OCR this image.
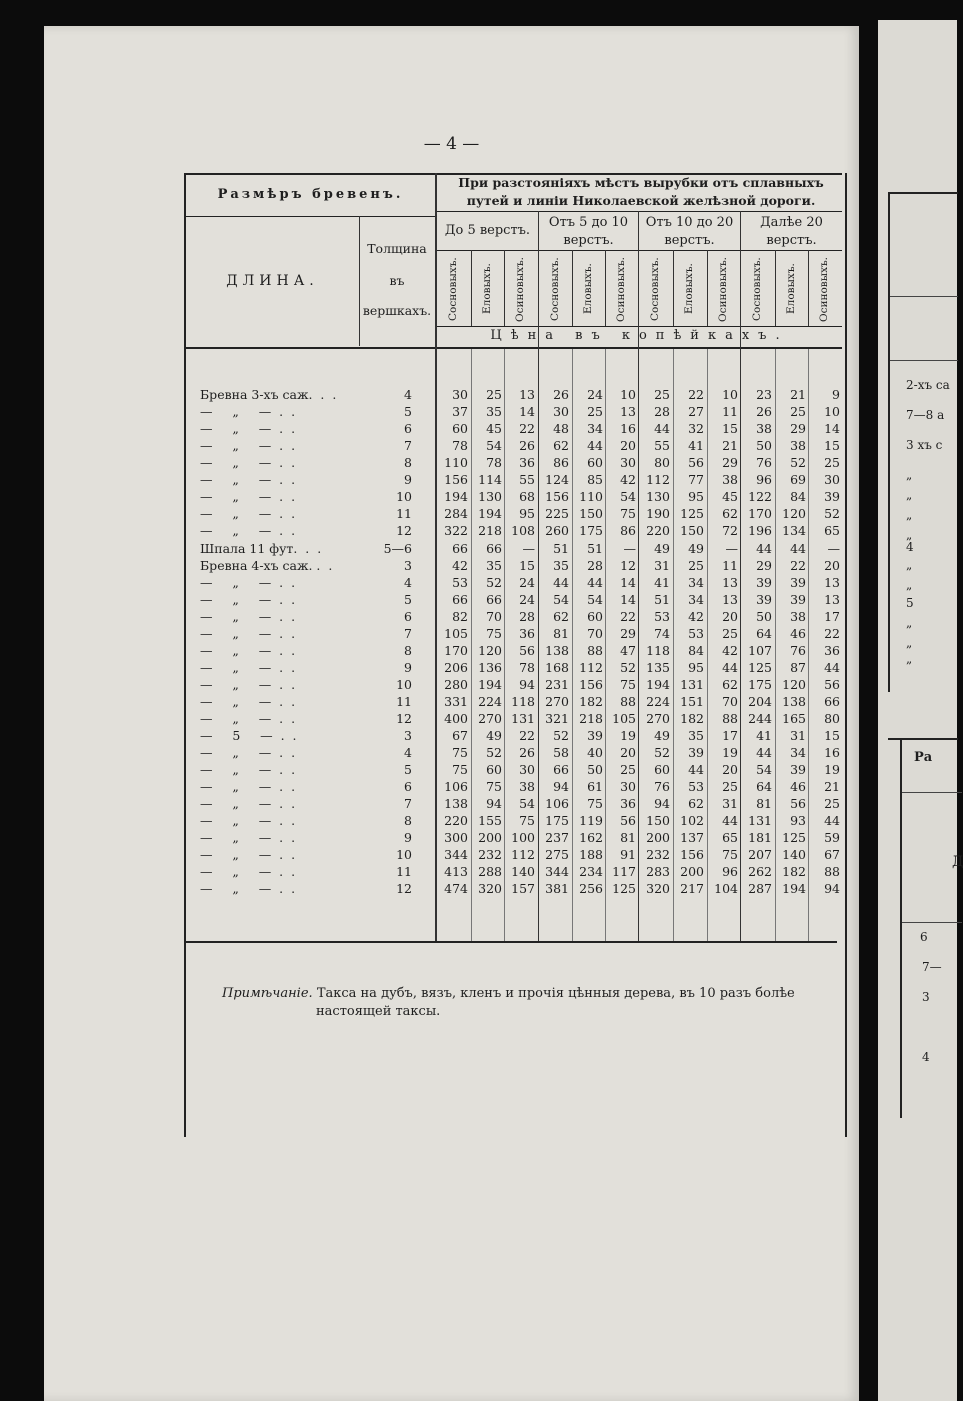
2-хъ са
7—8 а
3 хъ с
„
„
„
„
4
„
„
5
„
„
„
Ра
Д
6
7—
3
4
— 4 —
Размѣръ бревенъ.
При разстояніяхъ мѣстъ вырубки отъ сплавныхъ путей и линіи Николаевской желѣзной дороги.
ДЛИНА.
Толщина
въ
вершкахъ.
До 5 верстъ.
Отъ 5 до 10 верстъ.
Отъ 10 до 20 верстъ.
Далѣе 20 верстъ.
Сосновыхъ. Еловыхъ. Осиновыхъ. Сосновыхъ. Еловыхъ. Осиновыхъ. Сосновыхъ. Еловыхъ. Осиновыхъ. Сосновыхъ. Еловыхъ. Осиновыхъ.
Цѣна въ копѣйкахъ.
Бревна 3-хъ саж.  .  .	4	30 25 13 26 24 10 25 22 10 23 21 9
—     „     —  .  .	5	37 35 14 30 25 13 28 27 11 26 25 10
—     „     —  .  .	6	60 45 22 48 34 16 44 32 15 38 29 14
—     „     —  .  .	7	78 54 26 62 44 20 55 41 21 50 38 15
—     „     —  .  .	8	110 78 36 86 60 30 80 56 29 76 52 25
—     „     —  .  .	9	156 114 55 124 85 42 112 77 38 96 69 30
—     „     —  .  .	10	194 130 68 156 110 54 130 95 45 122 84 39
—     „     —  .  .	11	284 194 95 225 150 75 190 125 62 170 120 52
—     „     —  .  .	12	322 218 108 260 175 86 220 150 72 196 134 65
Шпала 11 фут.  .  .	5—6	66 66 — 51 51 — 49 49 — 44 44 —
Бревна 4-хъ саж. .  .	3	42 35 15 35 28 12 31 25 11 29 22 20
—     „     —  .  .	4	53 52 24 44 44 14 41 34 13 39 39 13
—     „     —  .  .	5	66 66 24 54 54 14 51 34 13 39 39 13
—     „     —  .  .	6	82 70 28 62 60 22 53 42 20 50 38 17
—     „     —  .  .	7	105 75 36 81 70 29 74 53 25 64 46 22
—     „     —  .  .	8	170 120 56 138 88 47 118 84 42 107 76 36
—     „     —  .  .	9	206 136 78 168 112 52 135 95 44 125 87 44
—     „     —  .  .	10	280 194 94 231 156 75 194 131 62 175 120 56
—     „     —  .  .	11	331 224 118 270 182 88 224 151 70 204 138 66
—     „     —  .  .	12	400 270 131 321 218 105 270 182 88 244 165 80
—     5     —  .  .	3	67 49 22 52 39 19 49 35 17 41 31 15
—     „     —  .  .	4	75 52 26 58 40 20 52 39 19 44 34 16
—     „     —  .  .	5	75 60 30 66 50 25 60 44 20 54 39 19
—     „     —  .  .	6	106 75 38 94 61 30 76 53 25 64 46 21
—     „     —  .  .	7	138 94 54 106 75 36 94 62 31 81 56 25
—     „     —  .  .	8	220 155 75 175 119 56 150 102 44 131 93 44
—     „     —  .  .	9	300 200 100 237 162 81 200 137 65 181 125 59
—     „     —  .  .	10	344 232 112 275 188 91 232 156 75 207 140 67
—     „     —  .  .	11	413 288 140 344 234 117 283 200 96 262 182 88
—     „     —  .  .	12	474 320 157 381 256 125 320 217 104 287 194 94
Примѣчаніе. Такса на дубъ, вязъ, кленъ и прочія цѣнныя дерева, въ 10 разъ болѣе
настоящей таксы.
